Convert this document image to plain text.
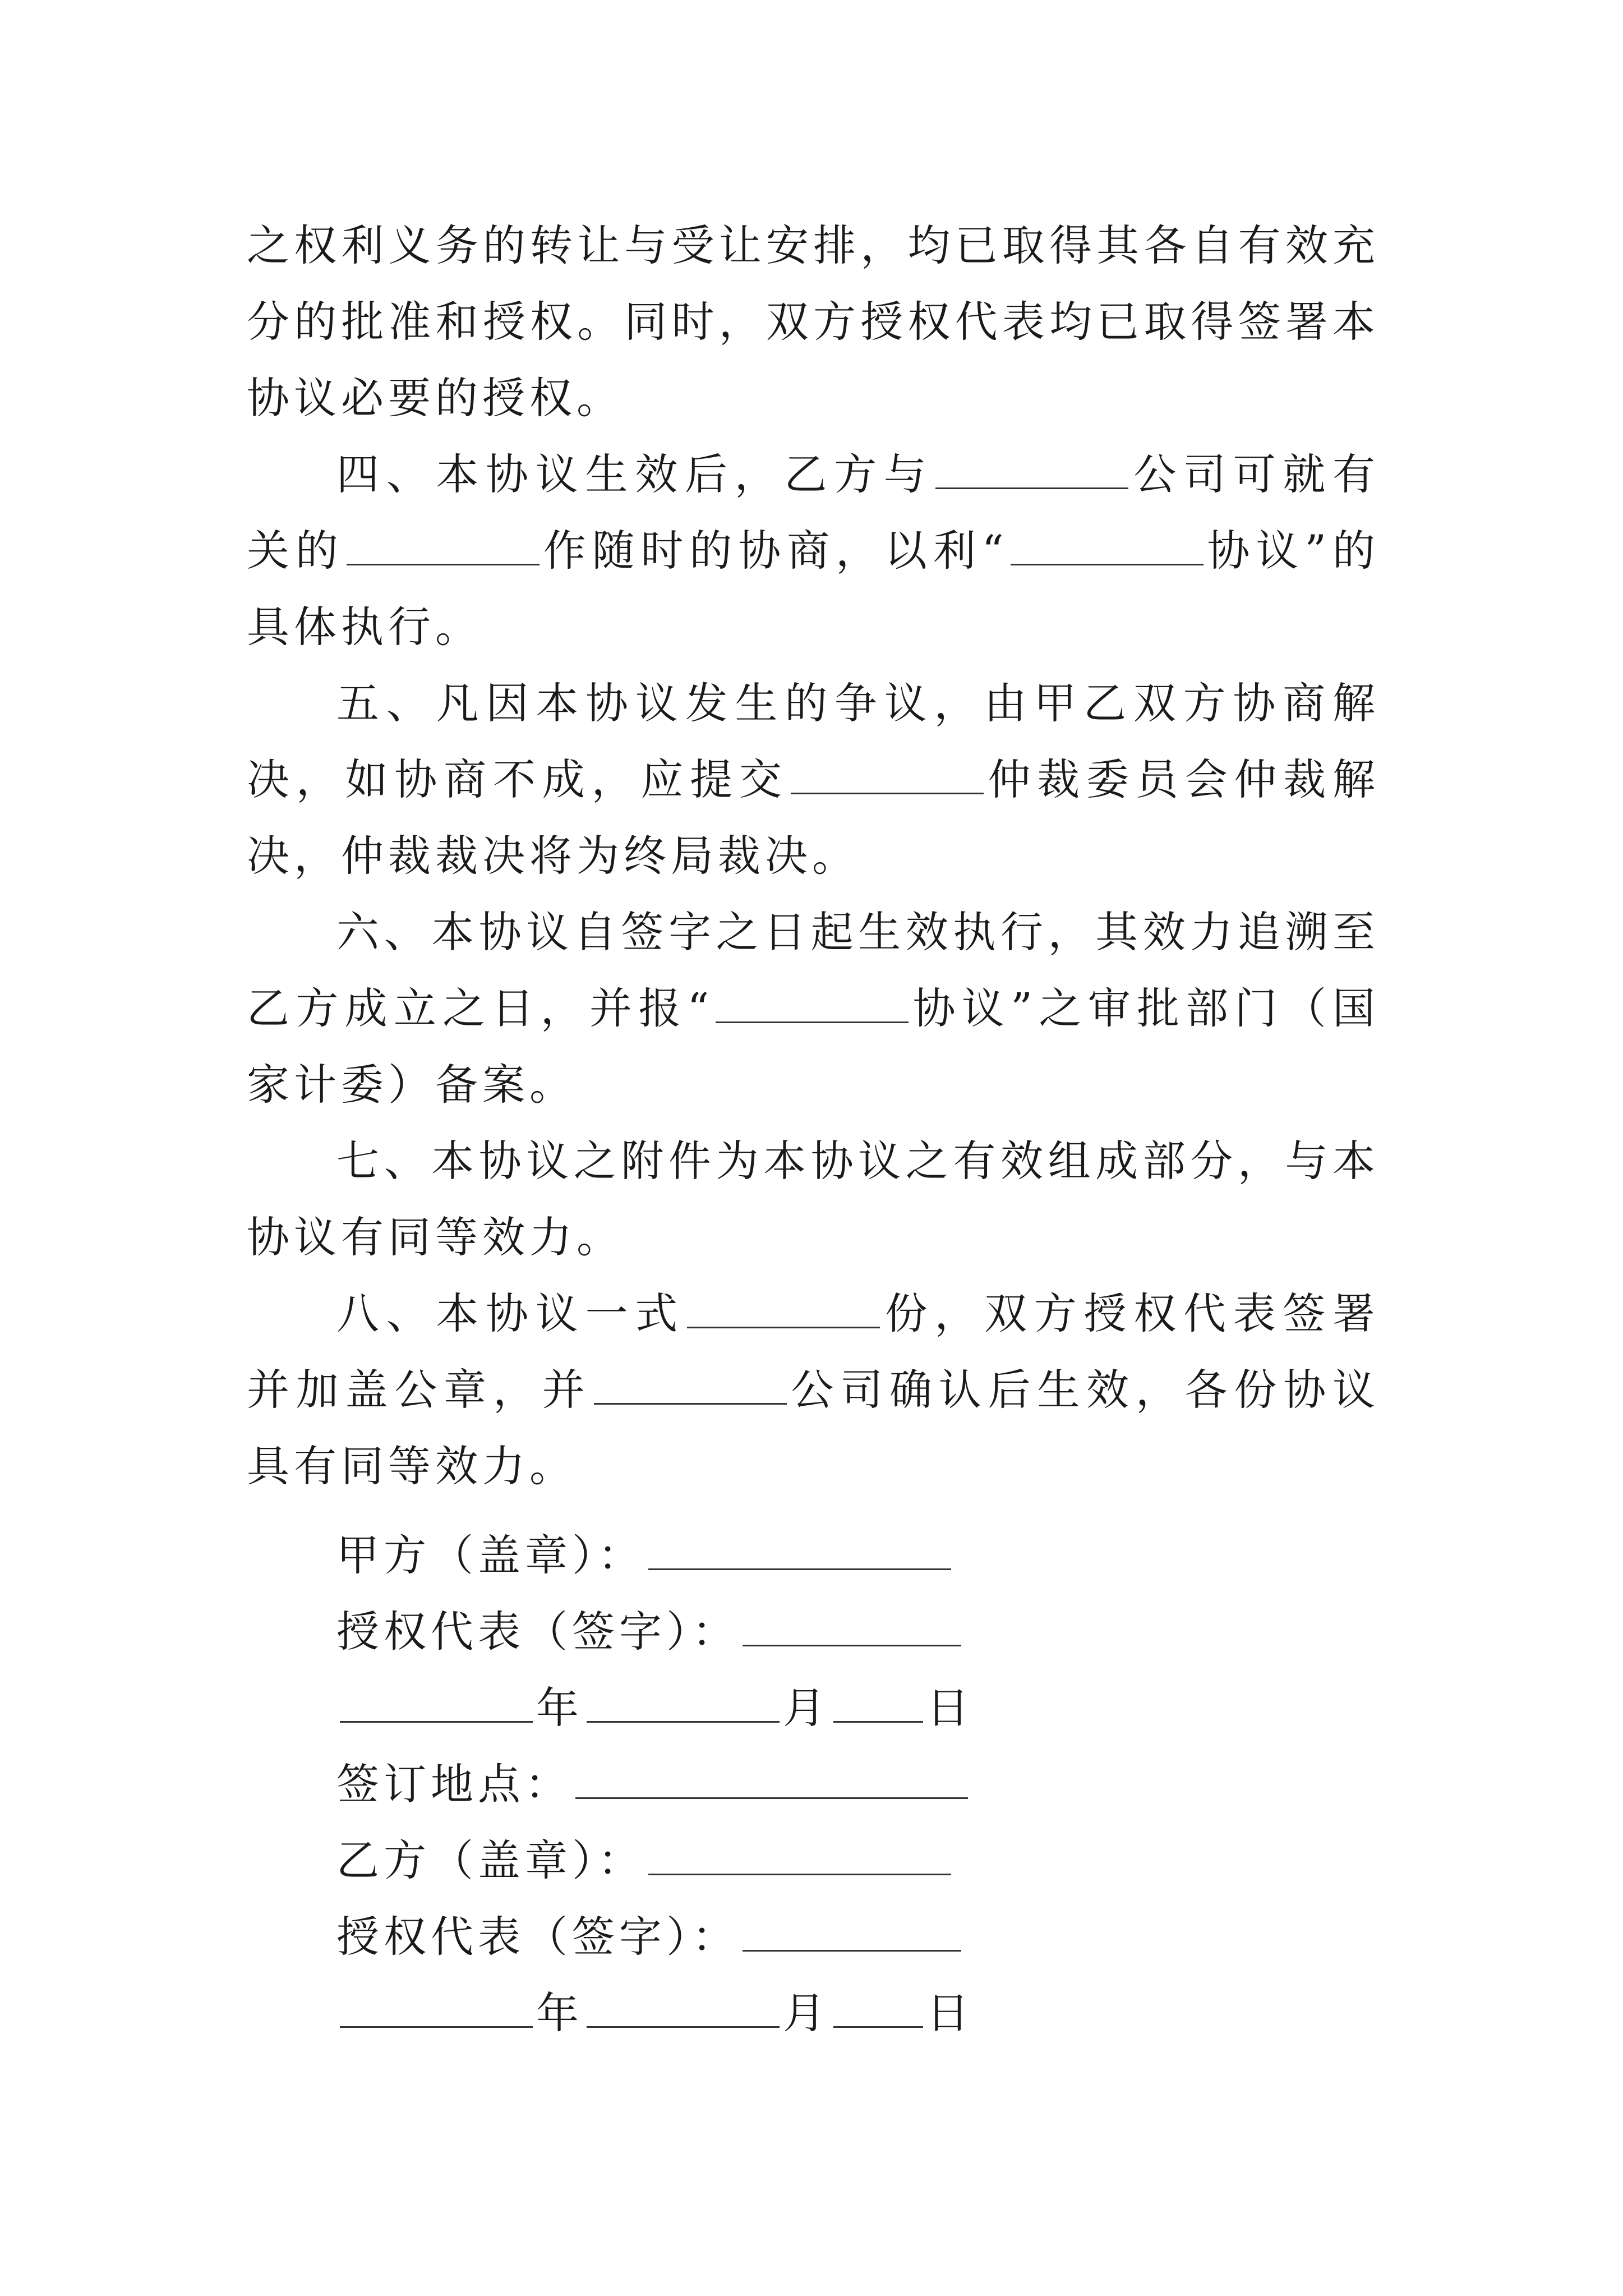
之权利义务的转让与受让安排，均已取得其各自有效充分的批准和授权。同时，双方授权代表均已取得签署本协议必要的授权。

四、本协议生效后，乙方与	公司可就有关的	作随时的协商，以利“	协议”的具体执行。

五、凡因本协议发生的争议，由甲乙双方协商解决，如协商不成，应提交	仲裁委员会仲裁解决，仲裁裁决将为终局裁决。

六、本协议自签字之日起生效执行，其效力追溯至乙方成立之日，并报“	协议”之审批部门（国家计委）备案。

七、本协议之附件为本协议之有效组成部分，与本协议有同等效力。

八、本协议一式	份，双方授权代表签署并加盖公章，并	公司确认后生效，各份协议具有同等效力。

甲方（盖章）：
授权代表（签字）：
年	月 日
签订地点：
乙方（盖章）：
授权代表（签字）：
年	月 日
